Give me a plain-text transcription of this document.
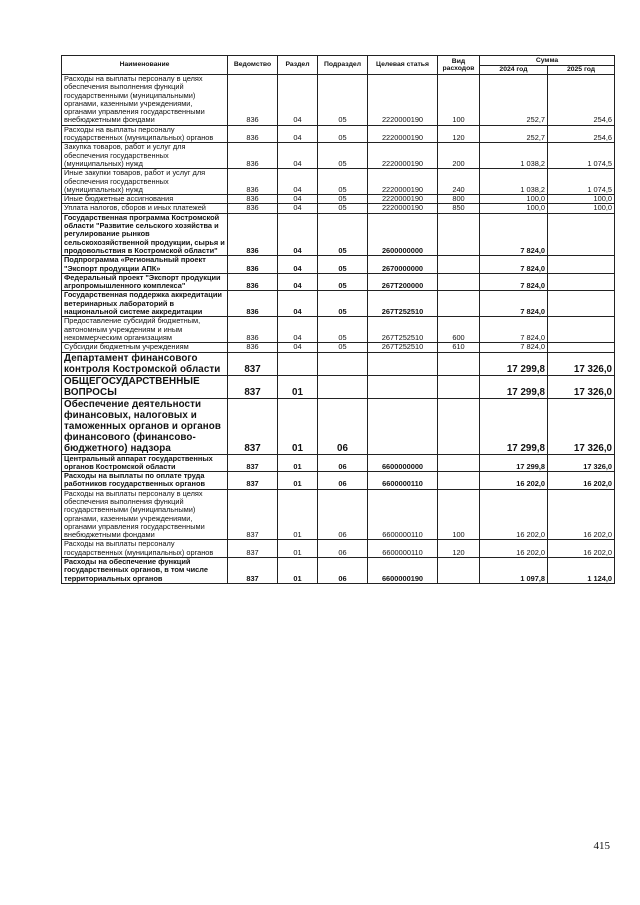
Наименование	Ведомство	Раздел	Подраздел	Целевая статья	Вид расходов	Сумма	
						2024 год	2025 год
Расходы на выплаты персоналу в целях обеспечения выполнения функций государственными (муниципальными) органами, казенными учреждениями, органами управления государственными внебюджетными фондами	836	04	05	2220000190	100	252,7	254,6
Расходы на выплаты персоналу государственных (муниципальных) органов	836	04	05	2220000190	120	252,7	254,6
Закупка товаров, работ и услуг для обеспечения государственных (муниципальных) нужд	836	04	05	2220000190	200	1 038,2	1 074,5
Иные закупки товаров, работ и услуг для обеспечения государственных (муниципальных) нужд	836	04	05	2220000190	240	1 038,2	1 074,5
Иные бюджетные ассигнования	836	04	05	2220000190	800	100,0	100,0
Уплата налогов, сборов и иных платежей	836	04	05	2220000190	850	100,0	100,0
Государственная программа Костромской области "Развитие сельского хозяйства и регулирование рынков сельскохозяйственной продукции, сырья и продовольствия в Костромской области"	836	04	05	2600000000		7 824,0	
Подпрограмма «Региональный проект "Экспорт продукции АПК»	836	04	05	2670000000		7 824,0	
Федеральный проект "Экспорт продукции агропромышленного комплекса"	836	04	05	267T200000		7 824,0	
Государственная поддержка аккредитации ветеринарных лабораторий в национальной системе аккредитации	836	04	05	267T252510		7 824,0	
Предоставление субсидий бюджетным, автономным учреждениям и иным некоммерческим организациям	836	04	05	267T252510	600	7 824,0	
Субсидии бюджетным учреждениям	836	04	05	267T252510	610	7 824,0	
Департамент финансового контроля Костромской области	837					17 299,8	17 326,0
ОБЩЕГОСУДАРСТВЕННЫЕ ВОПРОСЫ	837	01				17 299,8	17 326,0
Обеспечение деятельности финансовых, налоговых и таможенных органов и органов финансового (финансово-бюджетного) надзора	837	01	06			17 299,8	17 326,0
Центральный аппарат государственных органов Костромской области	837	01	06	6600000000		17 299,8	17 326,0
Расходы на выплаты по оплате труда работников государственных органов	837	01	06	6600000110		16 202,0	16 202,0
Расходы на выплаты персоналу в целях обеспечения выполнения функций государственными (муниципальными) органами, казенными учреждениями, органами управления государственными внебюджетными фондами	837	01	06	6600000110	100	16 202,0	16 202,0
Расходы на выплаты персоналу государственных (муниципальных) органов	837	01	06	6600000110	120	16 202,0	16 202,0
Расходы на обеспечение функций государственных органов, в том числе территориальных органов	837	01	06	6600000190		1 097,8	1 124,0
415
